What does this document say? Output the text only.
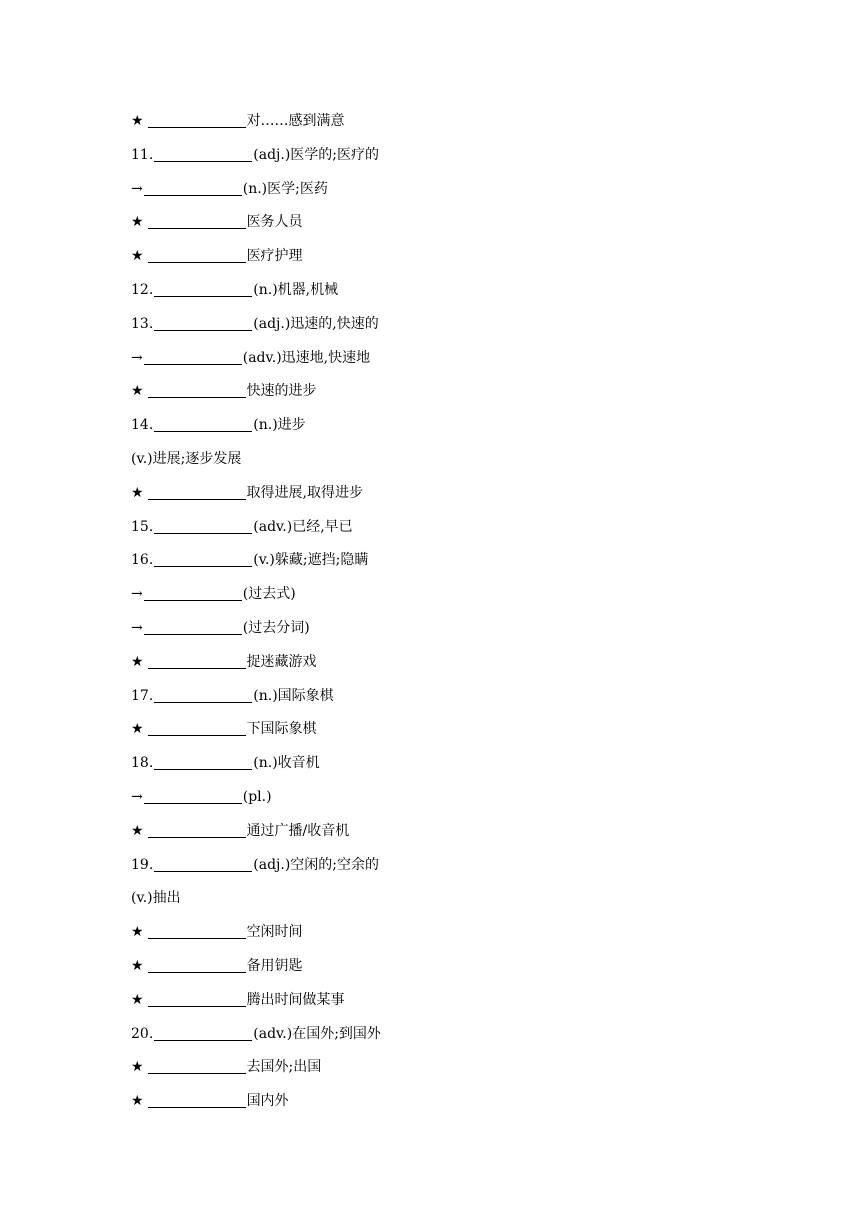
★	对……感到满意
11.	(adj.)医学的;医疗的
→	(n.)医学;医药
★	医务人员
★	医疗护理
12.	(n.)机器,机械
13.	(adj.)迅速的,快速的
→	(adv.)迅速地,快速地
★	快速的进步
14.	(n.)进步
(v.)进展;逐步发展
★	取得进展,取得进步
15.	(adv.)已经,早已
16.	(v.)躲藏;遮挡;隐瞒
→	(过去式)
→	(过去分词)
★	捉迷藏游戏
17.	(n.)国际象棋
★	下国际象棋
18.	(n.)收音机
→	(pl.)
★	通过广播/收音机
19.	(adj.)空闲的;空余的
(v.)抽出
★	空闲时间
★	备用钥匙
★	腾出时间做某事
20.	(adv.)在国外;到国外
★	去国外;出国
★	国内外
